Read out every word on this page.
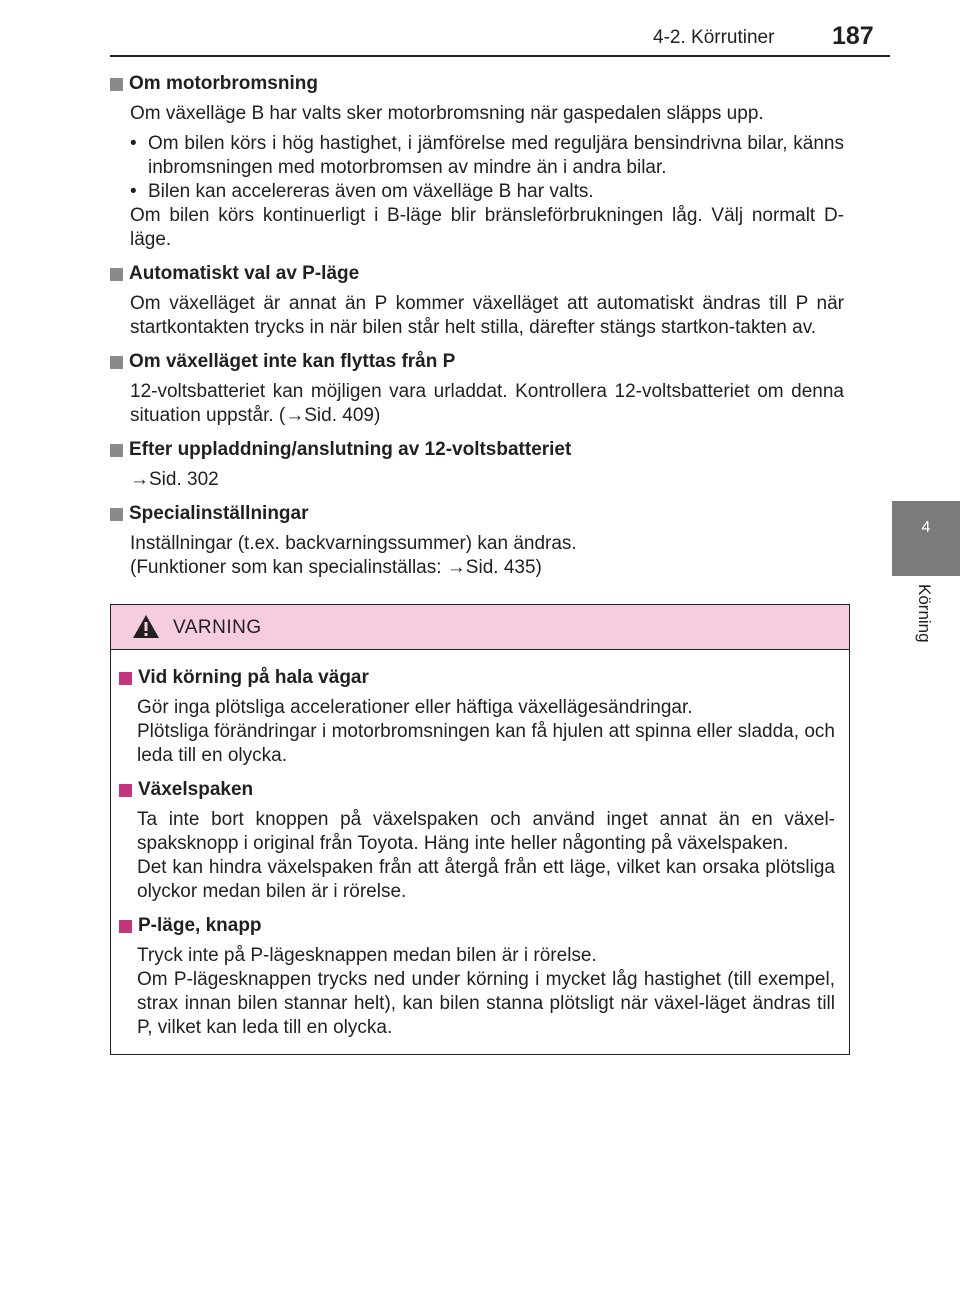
4-2. Körrutiner 187
4
Körning
Om motorbromsning
Om växelläge B har valts sker motorbromsning när gaspedalen släpps upp.
• Om bilen körs i hög hastighet, i jämförelse med reguljära bensindrivna bilar, känns inbromsningen med motorbromsen av mindre än i andra bilar.
• Bilen kan accelereras även om växelläge B har valts.
Om bilen körs kontinuerligt i B-läge blir bränsleförbrukningen låg. Välj normalt D-läge.
Automatiskt val av P-läge
Om växelläget är annat än P kommer växelläget att automatiskt ändras till P när startkontakten trycks in när bilen står helt stilla, därefter stängs startkon-takten av.
Om växelläget inte kan flyttas från P
12-voltsbatteriet kan möjligen vara urladdat. Kontrollera 12-voltsbatteriet om denna situation uppstår. (→Sid. 409)
Efter uppladdning/anslutning av 12-voltsbatteriet
→Sid. 302
Specialinställningar
Inställningar (t.ex. backvarningssummer) kan ändras.
(Funktioner som kan specialinställas: →Sid. 435)
VARNING
Vid körning på hala vägar
Gör inga plötsliga accelerationer eller häftiga växellägesändringar.
Plötsliga förändringar i motorbromsningen kan få hjulen att spinna eller sladda, och leda till en olycka.
Växelspaken
Ta inte bort knoppen på växelspaken och använd inget annat än en växel-spaksknopp i original från Toyota. Häng inte heller någonting på växelspaken.
Det kan hindra växelspaken från att återgå från ett läge, vilket kan orsaka plötsliga olyckor medan bilen är i rörelse.
P-läge, knapp
Tryck inte på P-lägesknappen medan bilen är i rörelse.
Om P-lägesknappen trycks ned under körning i mycket låg hastighet (till exempel, strax innan bilen stannar helt), kan bilen stanna plötsligt när växel-läget ändras till P, vilket kan leda till en olycka.
